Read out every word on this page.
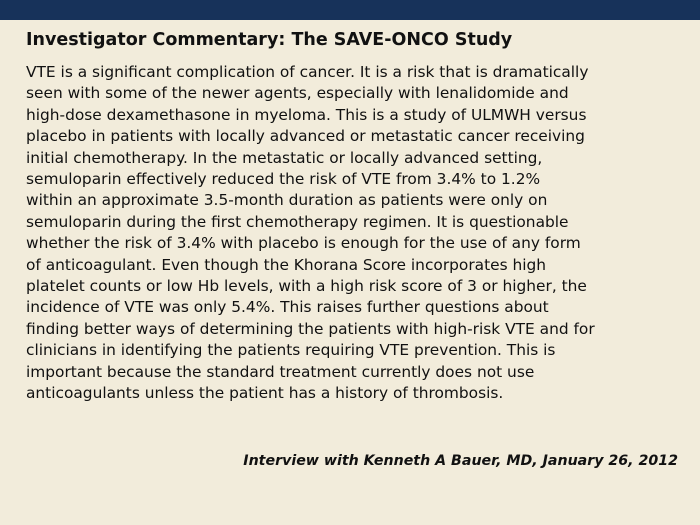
Investigator Commentary: The SAVE-ONCO Study

VTE is a significant complication of cancer. It is a risk that is dramatically
seen with some of the newer agents, especially with lenalidomide and
high-dose dexamethasone in myeloma. This is a study of ULMWH versus
placebo in patients with locally advanced or metastatic cancer receiving
initial chemotherapy. In the metastatic or locally advanced setting,
semuloparin effectively reduced the risk of VTE from 3.4% to 1.2%
within an approximate 3.5-month duration as patients were only on
semuloparin during the first chemotherapy regimen. It is questionable
whether the risk of 3.4% with placebo is enough for the use of any form
of anticoagulant. Even though the Khorana Score incorporates high
platelet counts or low Hb levels, with a high risk score of 3 or higher, the
incidence of VTE was only 5.4%. This raises further questions about
finding better ways of determining the patients with high-risk VTE and for
clinicians in identifying the patients requiring VTE prevention. This is
important because the standard treatment currently does not use
anticoagulants unless the patient has a history of thrombosis.

Interview with Kenneth A Bauer, MD, January 26, 2012
